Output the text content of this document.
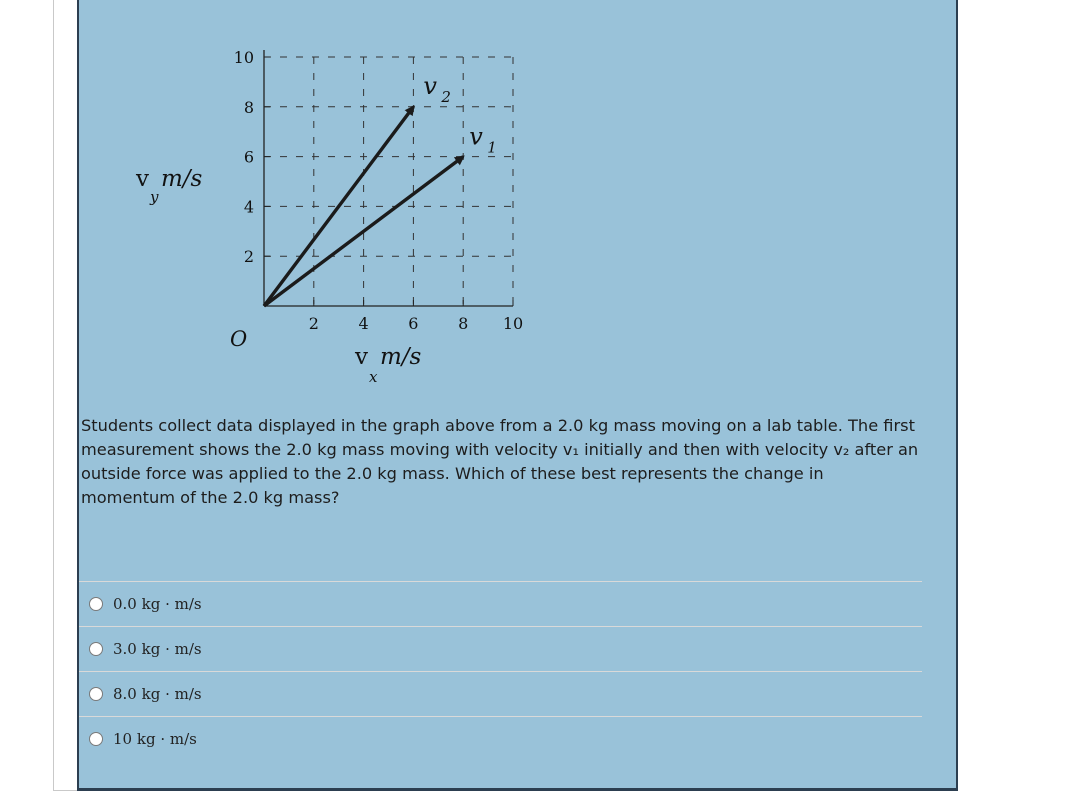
2 4 6 8 10
2
4
6
8
10
v 1
v 2
O
v
y
m/s
v
x
m/s

Students collect data displayed in the graph above from a 2.0 kg mass moving on a lab table. The first measurement shows the 2.0 kg mass moving with velocity v₁ initially and then with velocity v₂ after an outside force was applied to the 2.0 kg mass. Which of these best represents the change in momentum of the 2.0 kg mass?

0.0 kg · m/s
3.0 kg · m/s
8.0 kg · m/s
10 kg · m/s
